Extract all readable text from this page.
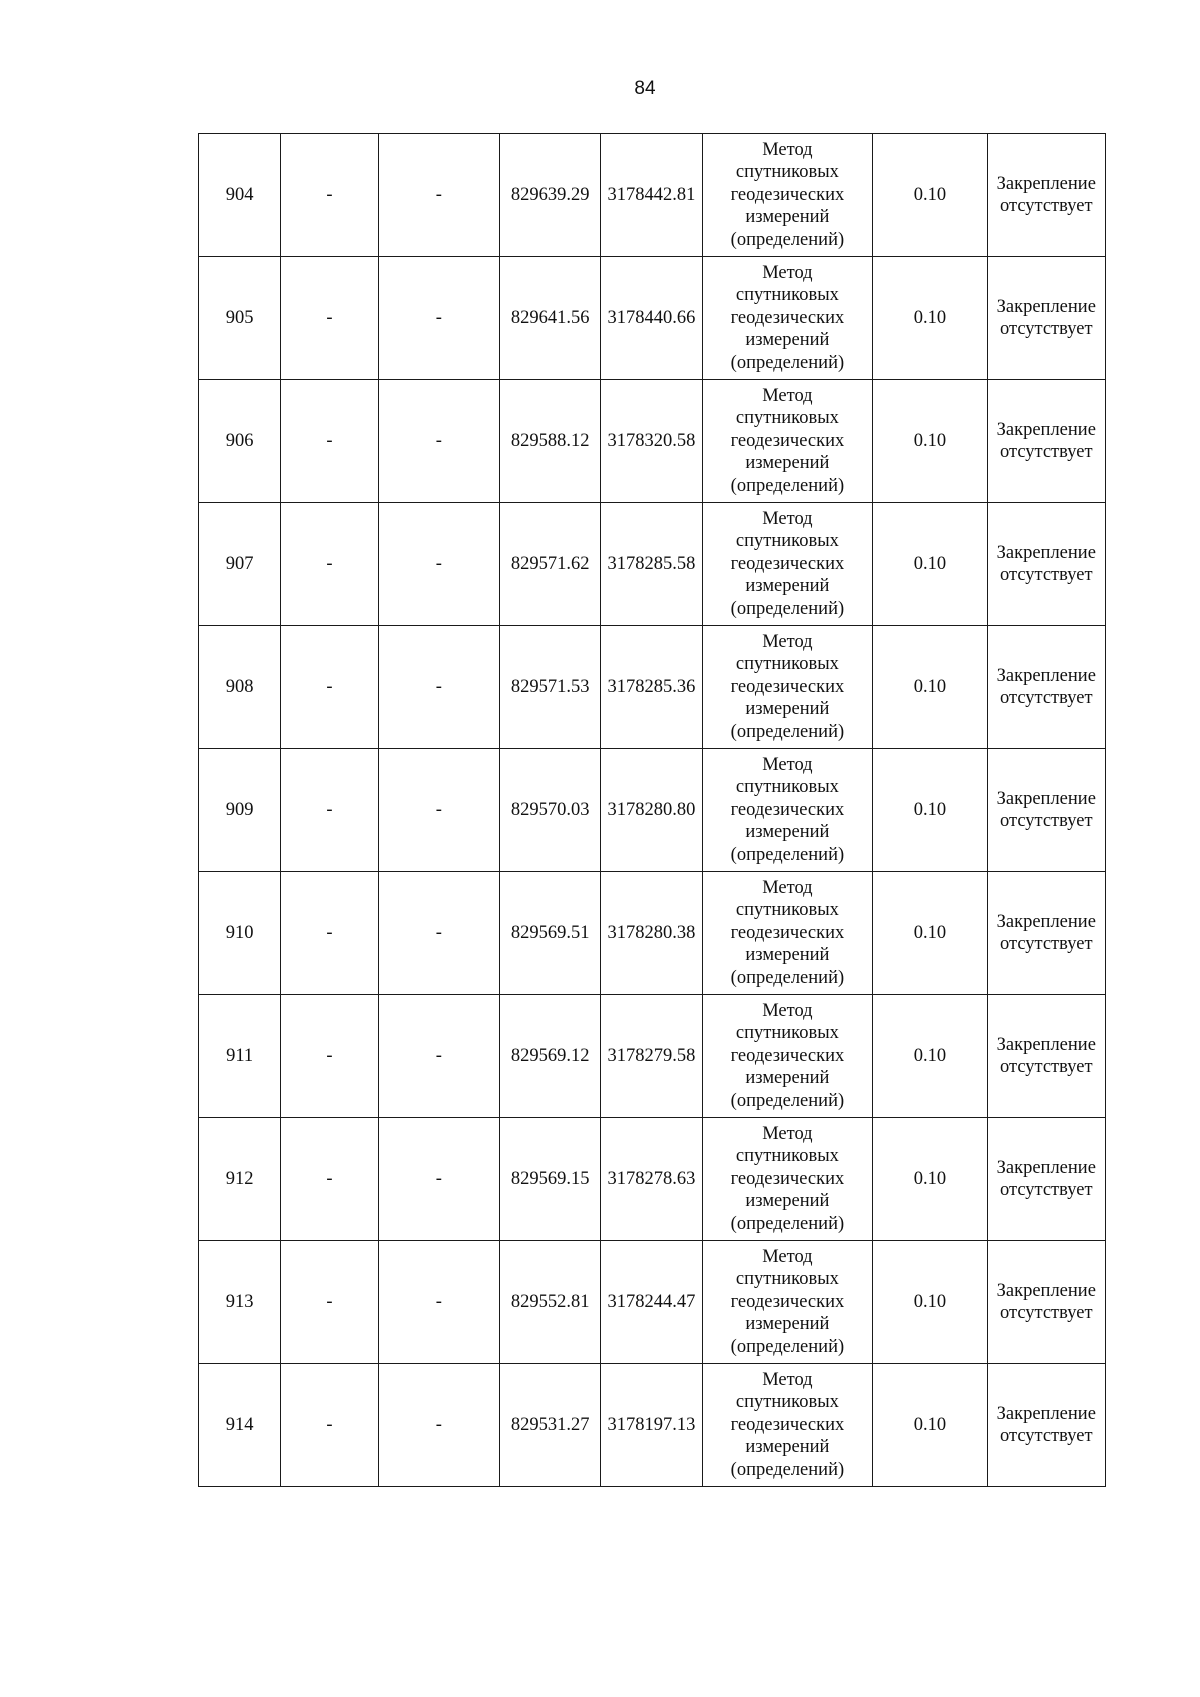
84
904	-	-	829639.29	3178442.81	Метод
спутниковых
геодезических
измерений
(определений)	0.10	Закрепление
отсутствует

905	-	-	829641.56	3178440.66	Метод
спутниковых
геодезических
измерений
(определений)	0.10	Закрепление
отсутствует

906	-	-	829588.12	3178320.58	Метод
спутниковых
геодезических
измерений
(определений)	0.10	Закрепление
отсутствует

907	-	-	829571.62	3178285.58	Метод
спутниковых
геодезических
измерений
(определений)	0.10	Закрепление
отсутствует

908	-	-	829571.53	3178285.36	Метод
спутниковых
геодезических
измерений
(определений)	0.10	Закрепление
отсутствует

909	-	-	829570.03	3178280.80	Метод
спутниковых
геодезических
измерений
(определений)	0.10	Закрепление
отсутствует

910	-	-	829569.51	3178280.38	Метод
спутниковых
геодезических
измерений
(определений)	0.10	Закрепление
отсутствует

911	-	-	829569.12	3178279.58	Метод
спутниковых
геодезических
измерений
(определений)	0.10	Закрепление
отсутствует

912	-	-	829569.15	3178278.63	Метод
спутниковых
геодезических
измерений
(определений)	0.10	Закрепление
отсутствует

913	-	-	829552.81	3178244.47	Метод
спутниковых
геодезических
измерений
(определений)	0.10	Закрепление
отсутствует

914	-	-	829531.27	3178197.13	Метод
спутниковых
геодезических
измерений
(определений)	0.10	Закрепление
отсутствует
